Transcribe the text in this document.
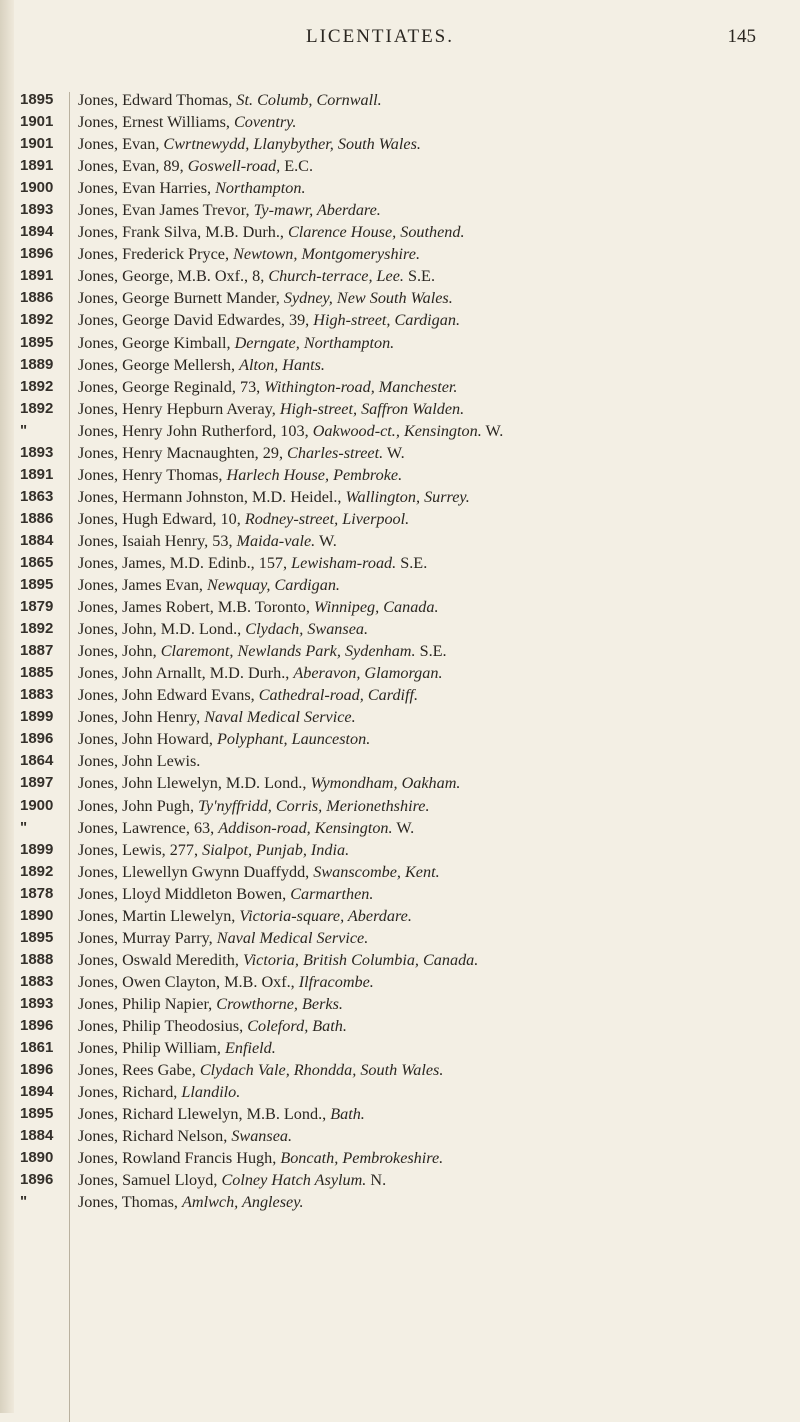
LICENTIATES.	145
1895	Jones, Edward Thomas, St. Columb, Cornwall.
1901	Jones, Ernest Williams, Coventry.
1901	Jones, Evan, Cwrtnewydd, Llanybyther, South Wales.
1891	Jones, Evan, 89, Goswell-road, E.C.
1900	Jones, Evan Harries, Northampton.
1893	Jones, Evan James Trevor, Ty-mawr, Aberdare.
1894	Jones, Frank Silva, M.B. Durh., Clarence House, Southend.
1896	Jones, Frederick Pryce, Newtown, Montgomeryshire.
1891	Jones, George, M.B. Oxf., 8, Church-terrace, Lee. S.E.
1886	Jones, George Burnett Mander, Sydney, New South Wales.
1892	Jones, George David Edwardes, 39, High-street, Cardigan.
1895	Jones, George Kimball, Derngate, Northampton.
1889	Jones, George Mellersh, Alton, Hants.
1892	Jones, George Reginald, 73, Withington-road, Manchester.
1892	Jones, Henry Hepburn Averay, High-street, Saffron Walden.
"	Jones, Henry John Rutherford, 103, Oakwood-ct., Kensington. W.
1893	Jones, Henry Macnaughten, 29, Charles-street. W.
1891	Jones, Henry Thomas, Harlech House, Pembroke.
1863	Jones, Hermann Johnston, M.D. Heidel., Wallington, Surrey.
1886	Jones, Hugh Edward, 10, Rodney-street, Liverpool.
1884	Jones, Isaiah Henry, 53, Maida-vale. W.
1865	Jones, James, M.D. Edinb., 157, Lewisham-road. S.E.
1895	Jones, James Evan, Newquay, Cardigan.
1879	Jones, James Robert, M.B. Toronto, Winnipeg, Canada.
1892	Jones, John, M.D. Lond., Clydach, Swansea.
1887	Jones, John, Claremont, Newlands Park, Sydenham. S.E.
1885	Jones, John Arnallt, M.D. Durh., Aberavon, Glamorgan.
1883	Jones, John Edward Evans, Cathedral-road, Cardiff.
1899	Jones, John Henry, Naval Medical Service.
1896	Jones, John Howard, Polyphant, Launceston.
1864	Jones, John Lewis.
1897	Jones, John Llewelyn, M.D. Lond., Wymondham, Oakham.
1900	Jones, John Pugh, Ty'nyffridd, Corris, Merionethshire.
"	Jones, Lawrence, 63, Addison-road, Kensington. W.
1899	Jones, Lewis, 277, Sialpot, Punjab, India.
1892	Jones, Llewellyn Gwynn Duaffydd, Swanscombe, Kent.
1878	Jones, Lloyd Middleton Bowen, Carmarthen.
1890	Jones, Martin Llewelyn, Victoria-square, Aberdare.
1895	Jones, Murray Parry, Naval Medical Service.
1888	Jones, Oswald Meredith, Victoria, British Columbia, Canada.
1883	Jones, Owen Clayton, M.B. Oxf., Ilfracombe.
1893	Jones, Philip Napier, Crowthorne, Berks.
1896	Jones, Philip Theodosius, Coleford, Bath.
1861	Jones, Philip William, Enfield.
1896	Jones, Rees Gabe, Clydach Vale, Rhondda, South Wales.
1894	Jones, Richard, Llandilo.
1895	Jones, Richard Llewelyn, M.B. Lond., Bath.
1884	Jones, Richard Nelson, Swansea.
1890	Jones, Rowland Francis Hugh, Boncath, Pembrokeshire.
1896	Jones, Samuel Lloyd, Colney Hatch Asylum. N.
"	Jones, Thomas, Amlwch, Anglesey.
